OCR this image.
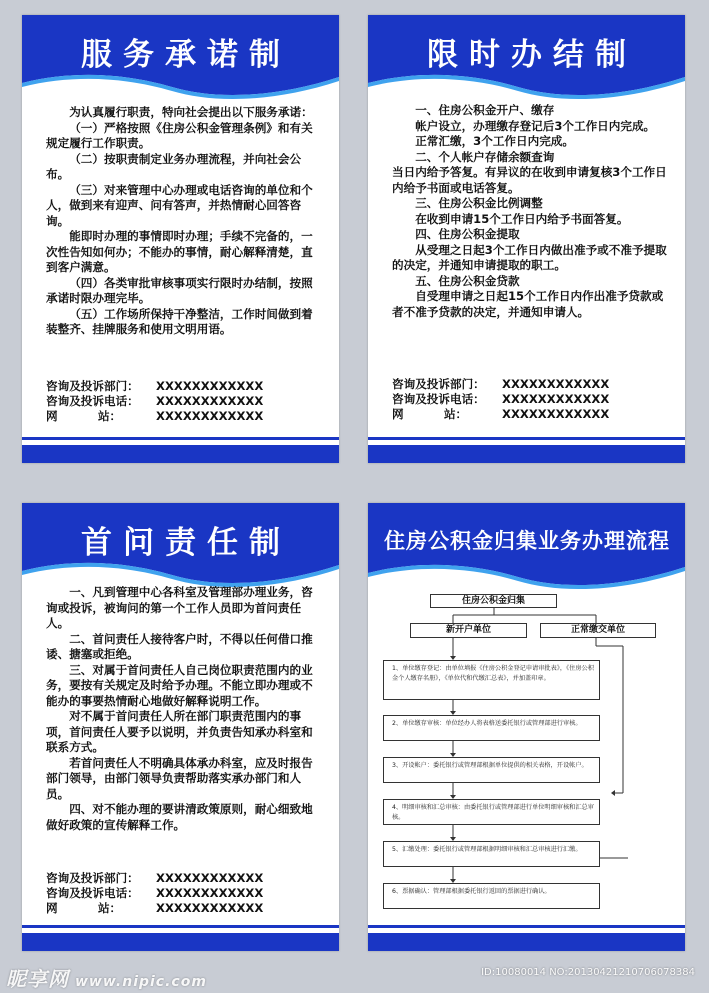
服务承诺制

为认真履行职责，特向社会提出以下服务承诺：

（一）严格按照《住房公积金管理条例》和有关规定履行工作职责。

（二）按职责制定业务办理流程，并向社会公布。

（三）对来管理中心办理或电话咨询的单位和个人，做到来有迎声、问有答声，并热情耐心回答咨询。

能即时办理的事情即时办理；手续不完备的，一次性告知如何办；不能办的事情，耐心解释清楚，直到客户满意。

（四）各类审批审核事项实行限时办结制，按照承诺时限办理完毕。

（五）工作场所保持干净整洁，工作时间做到着装整齐、挂牌服务和使用文明用语。

咨询及投诉部门： XXXXXXXXXXXX
咨询及投诉电话： XXXXXXXXXXXX
网          站：	XXXXXXXXXXXX
限时办结制

一、住房公积金开户、缴存

帐户设立，办理缴存登记后3个工作日内完成。

正常汇缴，3个工作日内完成。

二、个人帐户存储余额查询

当日内给予答复。有异议的在收到申请复核3个工作日内给予书面或电话答复。

三、住房公积金比例调整

在收到申请15个工作日内给予书面答复。

四、住房公积金提取

从受理之日起3个工作日内做出准予或不准予提取的决定，并通知申请提取的职工。

五、住房公积金贷款

自受理申请之日起15个工作日内作出准予贷款或者不准予贷款的决定，并通知申请人。

咨询及投诉部门： XXXXXXXXXXXX
咨询及投诉电话： XXXXXXXXXXXX
网          站：	XXXXXXXXXXXX
首问责任制

一、凡到管理中心各科室及管理部办理业务，咨询或投诉，被询问的第一个工作人员即为首问责任人。

二、首问责任人接待客户时，不得以任何借口推诿、搪塞或拒绝。

三、对属于首问责任人自己岗位职责范围内的业务，要按有关规定及时给予办理。不能立即办理或不能办的事要热情耐心地做好解释说明工作。

对不属于首问责任人所在部门职责范围内的事项，首问责任人要予以说明，并负责告知承办科室和联系方式。

若首问责任人不明确具体承办科室，应及时报告部门领导，由部门领导负责帮助落实承办部门和人员。

四、对不能办理的要讲清政策原则，耐心细致地做好政策的宣传解释工作。

咨询及投诉部门： XXXXXXXXXXXX
咨询及投诉电话： XXXXXXXXXXXX
网          站：	XXXXXXXXXXXX
住房公积金归集业务办理流程
住房公积金归集
新开户单位	正常缴交单位
1、单位缴存登记：由单位填报《住房公积金登记申请审批表》，《住房公积金个人缴存名册》，《单位代和代缴汇总表》，并加盖印章。
2、单位缴存审核：单位经办人将表格送委托银行或管理部进行审核。
3、开设帐户：委托银行或管理部根据单位提供的相关表格，开设帐户。
4、明细审核和汇总审核：由委托银行或管理部进行单位明细审核和汇总审核。
5、汇缴处理：委托银行或管理部根据明细审核和汇总审核进行汇缴。
6、票据确认：管理部根据委托银行返回的票据进行确认。
昵享网 www.nipic.com
ID:10080014 NO:20130421210706078384
